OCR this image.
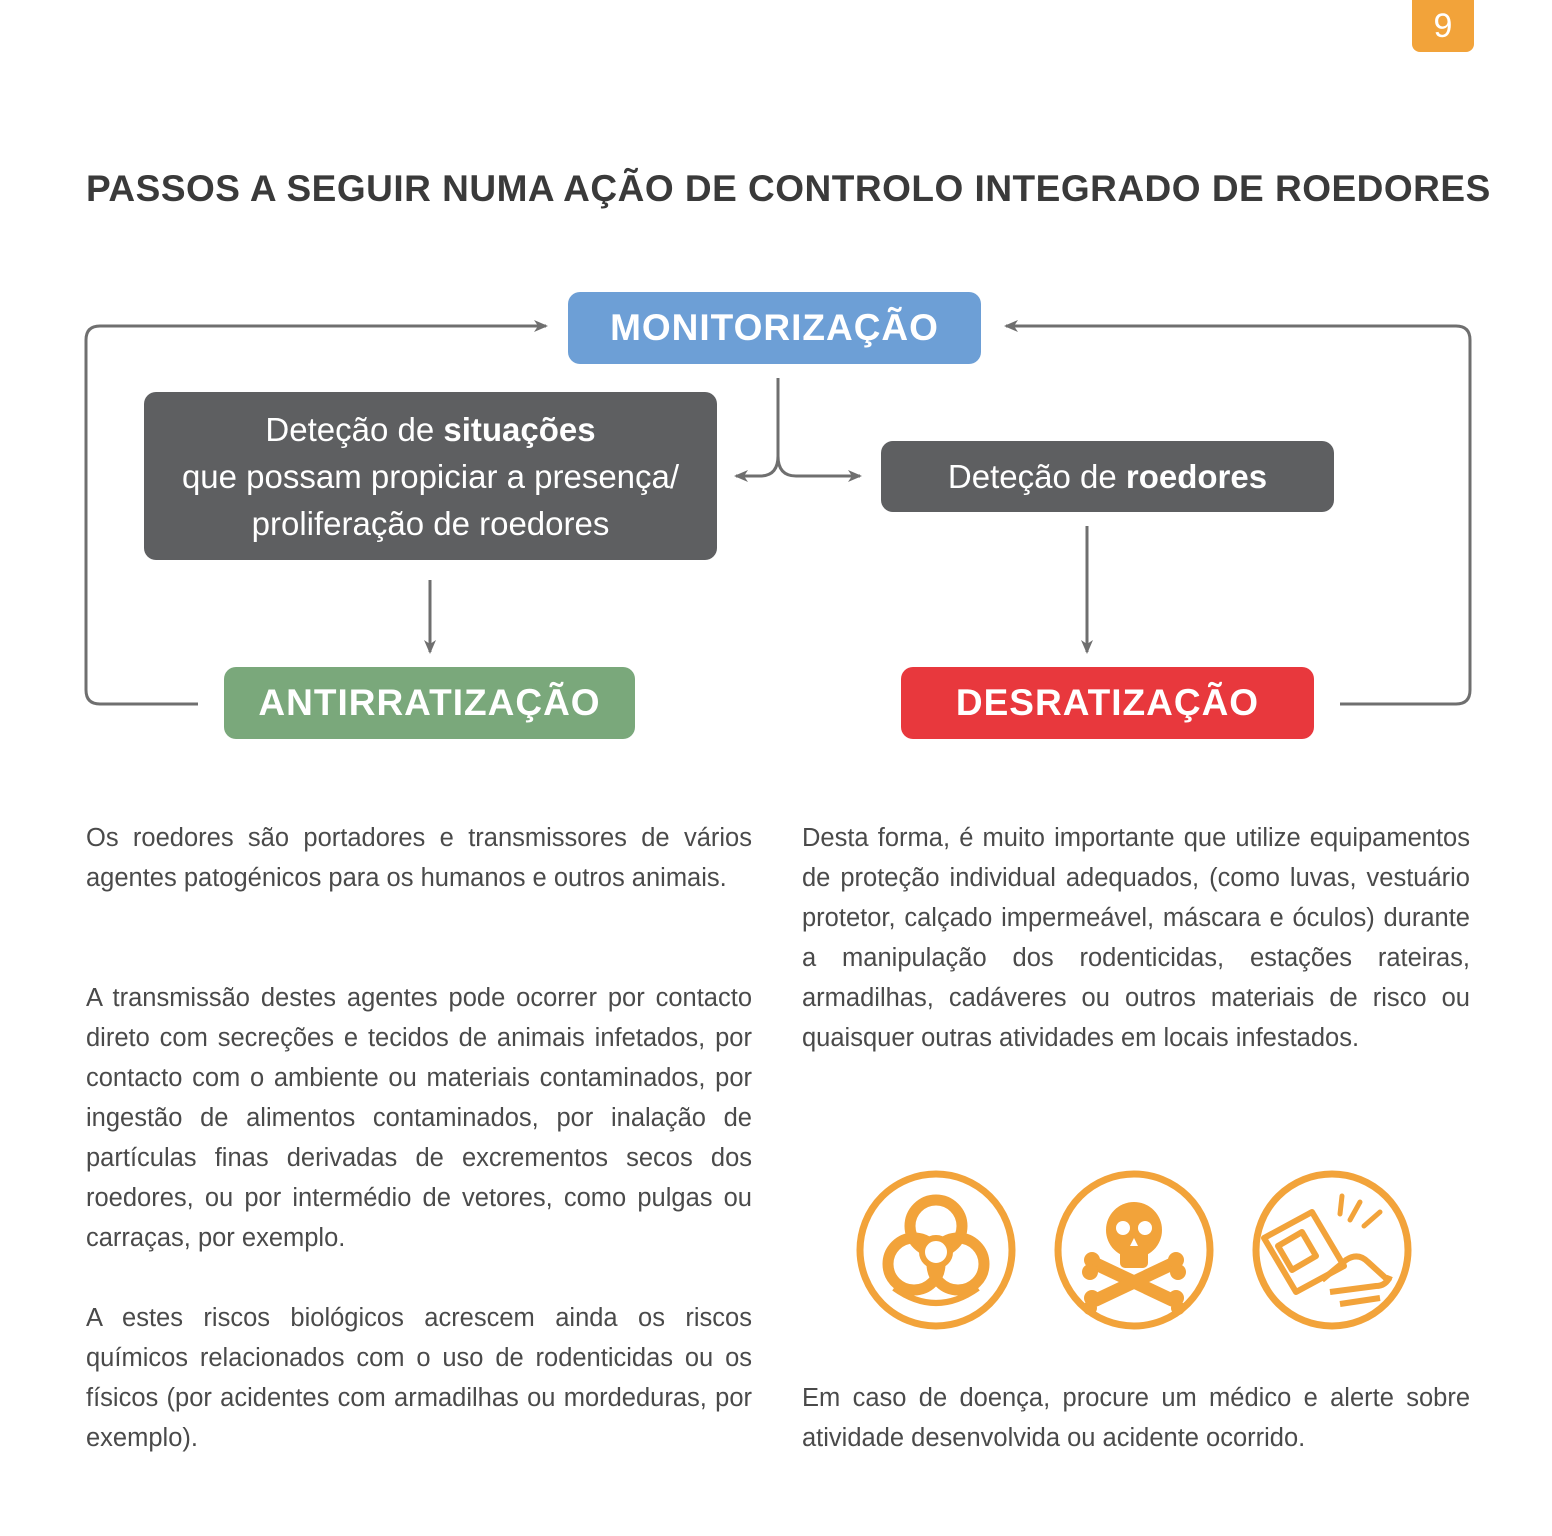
9
PASSOS A SEGUIR NUMA AÇÃO DE CONTROLO INTEGRADO DE ROEDORES
MONITORIZAÇÃO
Deteção de situações
que possam propiciar a presença/
proliferação de roedores
Deteção de roedores
ANTIRRATIZAÇÃO	DESRATIZAÇÃO

Os roedores são portadores e transmissores de vários agentes patogénicos para os humanos e outros animais.

A transmissão destes agentes pode ocorrer por contacto direto com secreções e tecidos de animais infetados, por contacto com o ambiente ou materiais contaminados, por ingestão de alimentos contaminados, por inalação de partículas finas derivadas de excrementos secos dos roedores, ou por intermédio de vetores, como pulgas ou carraças, por exemplo.

A estes riscos biológicos acrescem ainda os riscos químicos relacionados com o uso de rodenticidas ou os físicos (por acidentes com armadilhas ou mordeduras, por exemplo).

Desta forma, é muito importante que utilize equipamentos de proteção individual adequados, (como luvas, vestuário protetor, calçado impermeável, máscara e óculos) durante a manipulação dos rodenticidas, estações rateiras, armadilhas, cadáveres ou outros materiais de risco ou quaisquer outras atividades em locais infestados.

Em caso de doença, procure um médico e alerte sobre atividade desenvolvida ou acidente ocorrido.
